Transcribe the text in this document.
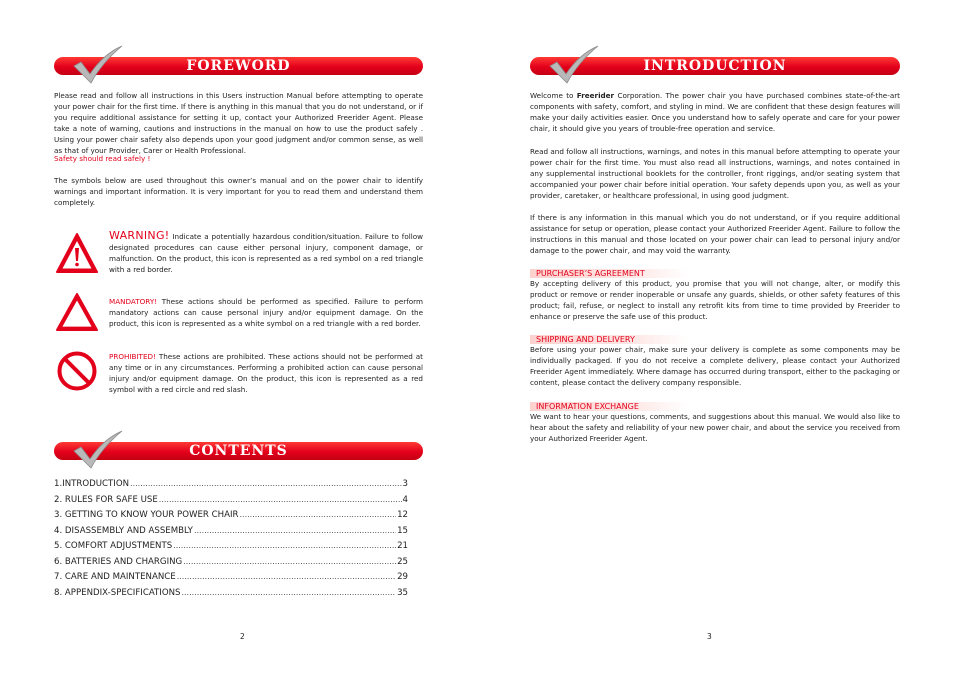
FOREWORD

Please read and follow all instructions in this Users instruction Manual before attempting to operate your power chair for the first time. If there is anything in this manual that you do not understand, or if you require additional assistance for setting it up, contact your Authorized Freerider Agent. Please take a note of warning, cautions and instructions in the manual on how to use the product safely . Using your power chair safety also depends upon your good judgment and/or common sense, as well as that of your Provider, Carer or Health Professional.

Safety should read safely !

The symbols below are used throughout this owner’s manual and on the power chair to identify warnings and important information. It is very important for you to read them and understand them completely.

WARNING! Indicate a potentially hazardous condition/situation. Failure to follow designated procedures can cause either personal injury, component damage, or malfunction. On the product, this icon is represented as a red symbol on a red triangle with a red border.

MANDATORY! These actions should be performed as specified. Failure to perform mandatory actions can cause personal injury and/or equipment damage. On the product, this icon is represented as a white symbol on a red triangle with a red border.

PROHIBITED! These actions are prohibited. These actions should not be performed at any time or in any circumstances. Performing a prohibited action can cause personal injury and/or equipment damage. On the product, this icon is represented as a red symbol with a red circle and red slash.

CONTENTS
1.INTRODUCTION .....	3
2. RULES FOR SAFE USE .....	4
3. GETTING TO KNOW YOUR POWER CHAIR .....	12
4. DISASSEMBLY AND ASSEMBLY .....	15
5. COMFORT ADJUSTMENTS .....	21
6. BATTERIES AND CHARGING .....	25
7. CARE AND MAINTENANCE .....	29
8. APPENDIX-SPECIFICATIONS .....	35
2
INTRODUCTION

Welcome to Freerider Corporation. The power chair you have purchased combines state-of-the-art components with safety, comfort, and styling in mind. We are confident that these design features will make your daily activities easier. Once you understand how to safely operate and care for your power chair, it should give you years of trouble-free operation and service.

Read and follow all instructions, warnings, and notes in this manual before attempting to operate your power chair for the first time. You must also read all instructions, warnings, and notes contained in any supplemental instructional booklets for the controller, front riggings, and/or seating system that accompanied your power chair before initial operation. Your safety depends upon you, as well as your provider, caretaker, or healthcare professional, in using good judgment.

If there is any information in this manual which you do not understand, or if you require additional assistance for setup or operation, please contact your Authorized Freerider Agent. Failure to follow the instructions in this manual and those located on your power chair can lead to personal injury and/or damage to the power chair, and may void the warranty.

PURCHASER’S AGREEMENT

By accepting delivery of this product, you promise that you will not change, alter, or modify this product or remove or render inoperable or unsafe any guards, shields, or other safety features of this product; fail, refuse, or neglect to install any retrofit kits from time to time provided by Freerider to enhance or preserve the safe use of this product.

SHIPPING AND DELIVERY

Before using your power chair, make sure your delivery is complete as some components may be individually packaged. If you do not receive a complete delivery, please contact your Authorized Freerider Agent immediately. Where damage has occurred during transport, either to the packaging or content, please contact the delivery company responsible.

INFORMATION EXCHANGE

We want to hear your questions, comments, and suggestions about this manual. We would also like to hear about the safety and reliability of your new power chair, and about the service you received from your Authorized Freerider Agent.

3
